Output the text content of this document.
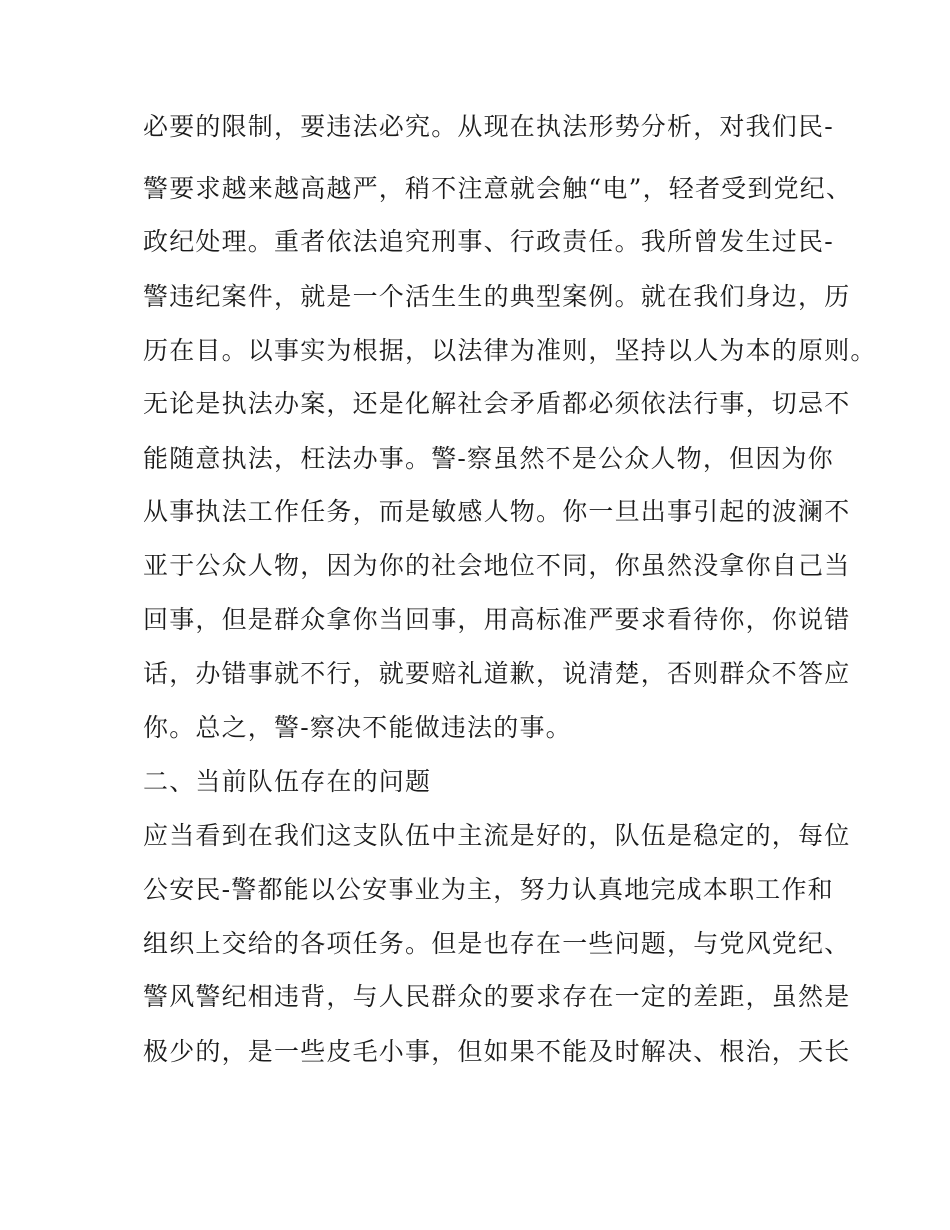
必要的限制，要违法必究。从现在执法形势分析，对我们民-
警要求越来越高越严，稍不注意就会触“电”，轻者受到党纪、
政纪处理。重者依法追究刑事、行政责任。我所曾发生过民-
警违纪案件，就是一个活生生的典型案例。就在我们身边，历
历在目。以事实为根据，以法律为准则，坚持以人为本的原则。
无论是执法办案，还是化解社会矛盾都必须依法行事，切忌不
能随意执法，枉法办事。警-察虽然不是公众人物，但因为你
从事执法工作任务，而是敏感人物。你一旦出事引起的波澜不
亚于公众人物，因为你的社会地位不同，你虽然没拿你自己当
回事，但是群众拿你当回事，用高标准严要求看待你，你说错
话，办错事就不行，就要赔礼道歉，说清楚，否则群众不答应
你。总之，警-察决不能做违法的事。
二、当前队伍存在的问题
应当看到在我们这支队伍中主流是好的，队伍是稳定的，每位
公安民-警都能以公安事业为主，努力认真地完成本职工作和
组织上交给的各项任务。但是也存在一些问题，与党风党纪、
警风警纪相违背，与人民群众的要求存在一定的差距，虽然是
极少的，是一些皮毛小事，但如果不能及时解决、根治，天长
